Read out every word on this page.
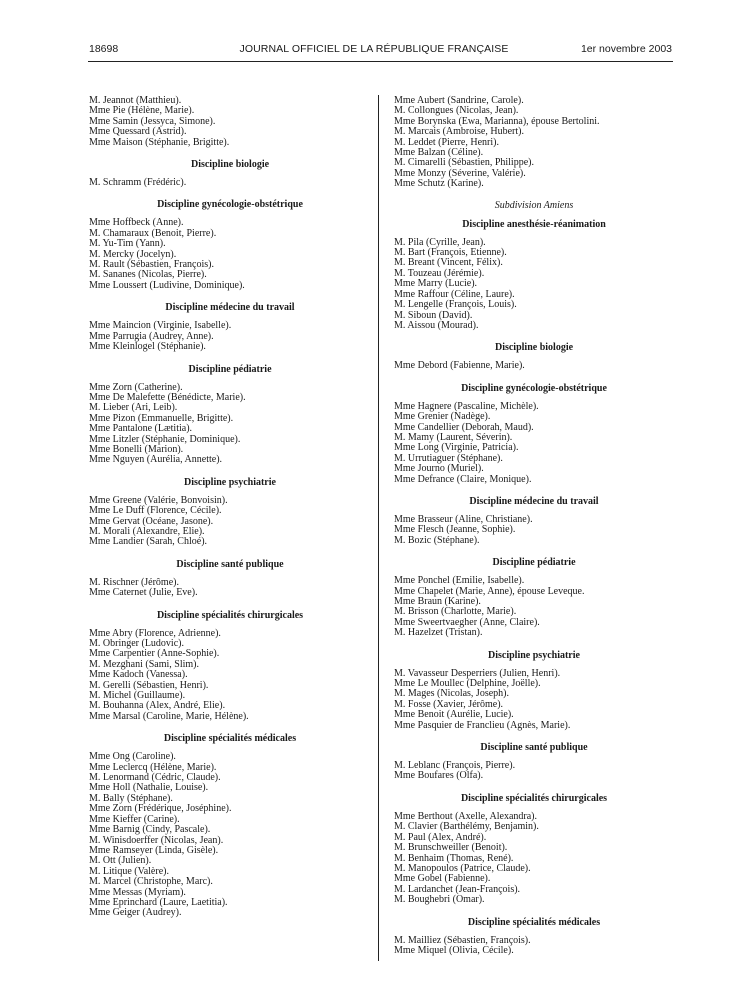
18698	JOURNAL OFFICIEL DE LA RÉPUBLIQUE FRANÇAISE	1er novembre 2003
M. Jeannot (Matthieu).
Mme Pie (Hélène, Marie).
Mme Samin (Jessyca, Simone).
Mme Quessard (Astrid).
Mme Maison (Stéphanie, Brigitte).
Discipline biologie
M. Schramm (Frédéric).
Discipline gynécologie-obstétrique
Mme Hoffbeck (Anne).
M. Chamaraux (Benoit, Pierre).
M. Yu-Tim (Yann).
M. Mercky (Jocelyn).
M. Rault (Sébastien, François).
M. Sananes (Nicolas, Pierre).
Mme Loussert (Ludivine, Dominique).
Discipline médecine du travail
Mme Maincion (Virginie, Isabelle).
Mme Parrugia (Audrey, Anne).
Mme Kleinlogel (Stéphanie).
Discipline pédiatrie
Mme Zorn (Catherine).
Mme De Malefette (Bénédicte, Marie).
M. Lieber (Ari, Leib).
Mme Pizon (Emmanuelle, Brigitte).
Mme Pantalone (Lætitia).
Mme Litzler (Stéphanie, Dominique).
Mme Bonelli (Marion).
Mme Nguyen (Aurélia, Annette).
Discipline psychiatrie
Mme Greene (Valérie, Bonvoisin).
Mme Le Duff (Florence, Cécile).
Mme Gervat (Océane, Jasone).
M. Morali (Alexandre, Elie).
Mme Landier (Sarah, Chloé).
Discipline santé publique
M. Rischner (Jérôme).
Mme Caternet (Julie, Eve).
Discipline spécialités chirurgicales
Mme Abry (Florence, Adrienne).
M. Obringer (Ludovic).
Mme Carpentier (Anne-Sophie).
M. Mezghani (Sami, Slim).
Mme Kadoch (Vanessa).
M. Gerelli (Sébastien, Henri).
M. Michel (Guillaume).
M. Bouhanna (Alex, André, Elie).
Mme Marsal (Caroline, Marie, Hélène).
Discipline spécialités médicales
Mme Ong (Caroline).
Mme Leclercq (Hélène, Marie).
M. Lenormand (Cédric, Claude).
Mme Holl (Nathalie, Louise).
M. Bally (Stéphane).
Mme Zorn (Frédérique, Joséphine).
Mme Kieffer (Carine).
Mme Barnig (Cindy, Pascale).
M. Winisdoerffer (Nicolas, Jean).
Mme Ramseyer (Linda, Gisèle).
M. Ott (Julien).
M. Litique (Valère).
M. Marcel (Christophe, Marc).
Mme Messas (Myriam).
Mme Eprinchard (Laure, Laetitia).
Mme Geiger (Audrey).
Mme Aubert (Sandrine, Carole).
M. Collongues (Nicolas, Jean).
Mme Borynska (Ewa, Marianna), épouse Bertolini.
M. Marcais (Ambroise, Hubert).
M. Leddet (Pierre, Henri).
Mme Balzan (Céline).
M. Cimarelli (Sébastien, Philippe).
Mme Monzy (Séverine, Valérie).
Mme Schutz (Karine).
Subdivision Amiens
Discipline anesthésie-réanimation
M. Pila (Cyrille, Jean).
M. Bart (François, Etienne).
M. Breant (Vincent, Félix).
M. Touzeau (Jérémie).
Mme Marry (Lucie).
Mme Raffour (Céline, Laure).
M. Lengelle (François, Louis).
M. Siboun (David).
M. Aissou (Mourad).
Discipline biologie
Mme Debord (Fabienne, Marie).
Discipline gynécologie-obstétrique
Mme Hagnere (Pascaline, Michèle).
Mme Grenier (Nadège).
Mme Candellier (Deborah, Maud).
M. Mamy (Laurent, Séverin).
Mme Long (Virginie, Patricia).
M. Urrutiaguer (Stéphane).
Mme Journo (Muriel).
Mme Defrance (Claire, Monique).
Discipline médecine du travail
Mme Brasseur (Aline, Christiane).
Mme Flesch (Jeanne, Sophie).
M. Bozic (Stéphane).
Discipline pédiatrie
Mme Ponchel (Emilie, Isabelle).
Mme Chapelet (Marie, Anne), épouse Leveque.
Mme Braun (Karine).
M. Brisson (Charlotte, Marie).
Mme Sweertvaegher (Anne, Claire).
M. Hazelzet (Tristan).
Discipline psychiatrie
M. Vavasseur Desperriers (Julien, Henri).
Mme Le Moullec (Delphine, Joëlle).
M. Mages (Nicolas, Joseph).
M. Fosse (Xavier, Jérôme).
Mme Benoit (Aurélie, Lucie).
Mme Pasquier de Franclieu (Agnès, Marie).
Discipline santé publique
M. Leblanc (François, Pierre).
Mme Boufares (Olfa).
Discipline spécialités chirurgicales
Mme Berthout (Axelle, Alexandra).
M. Clavier (Barthélémy, Benjamin).
M. Paul (Alex, André).
M. Brunschweiller (Benoit).
M. Benhaim (Thomas, René).
M. Manopoulos (Patrice, Claude).
Mme Gobel (Fabienne).
M. Lardanchet (Jean-François).
M. Boughebri (Omar).
Discipline spécialités médicales
M. Mailliez (Sébastien, François).
Mme Miquel (Olivia, Cécile).
